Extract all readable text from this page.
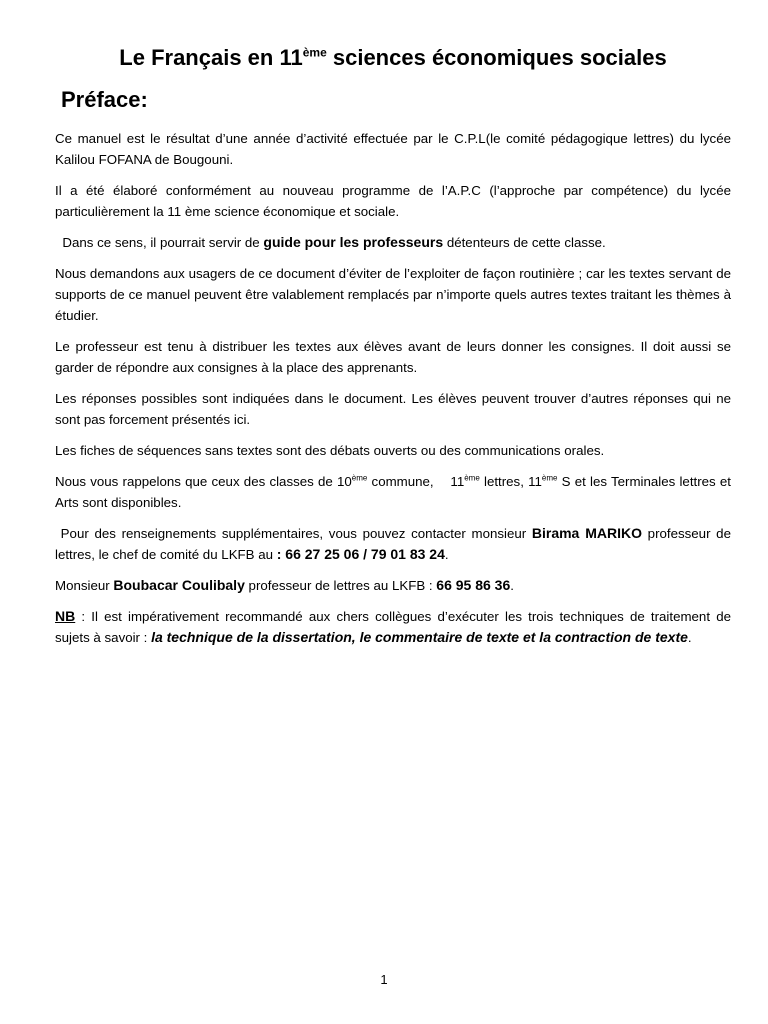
Le Français en 11ème sciences économiques sociales
Préface:

Ce manuel est le résultat d’une année d’activité effectuée par le C.P.L(le comité pédagogique lettres) du lycée Kalilou FOFANA de Bougouni.

Il a été élaboré conformément au nouveau programme de l’A.P.C (l’approche par compétence) du lycée particulièrement la 11 ème science économique et sociale.

Dans ce sens, il pourrait servir de guide pour les professeurs détenteurs de cette classe.

Nous demandons aux usagers de ce document d’éviter de l’exploiter de façon routinière ; car les textes servant de supports de ce manuel peuvent être valablement remplacés par n’importe quels autres textes traitant les thèmes à étudier.

Le professeur est tenu à distribuer les textes aux élèves avant de leurs donner les consignes. Il doit aussi se garder de répondre aux consignes à la place des apprenants.

Les réponses possibles sont indiquées dans le document. Les élèves peuvent trouver d’autres réponses qui ne sont pas forcement présentés ici.

Les fiches de séquences sans textes sont des débats ouverts ou des communications orales.

Nous vous rappelons que ceux des classes de 10ème commune,    11ème lettres, 11ème S et les Terminales lettres et Arts sont disponibles.

Pour des renseignements supplémentaires, vous pouvez contacter monsieur Birama MARIKO professeur de lettres, le chef de comité du LKFB au : 66 27 25 06 / 79 01 83 24.

Monsieur Boubacar Coulibaly professeur de lettres au LKFB : 66 95 86 36.

NB : Il est impérativement recommandé aux chers collègues d’exécuter les trois techniques de traitement de sujets à savoir : la technique de la dissertation, le commentaire de texte et la contraction de texte.

1
